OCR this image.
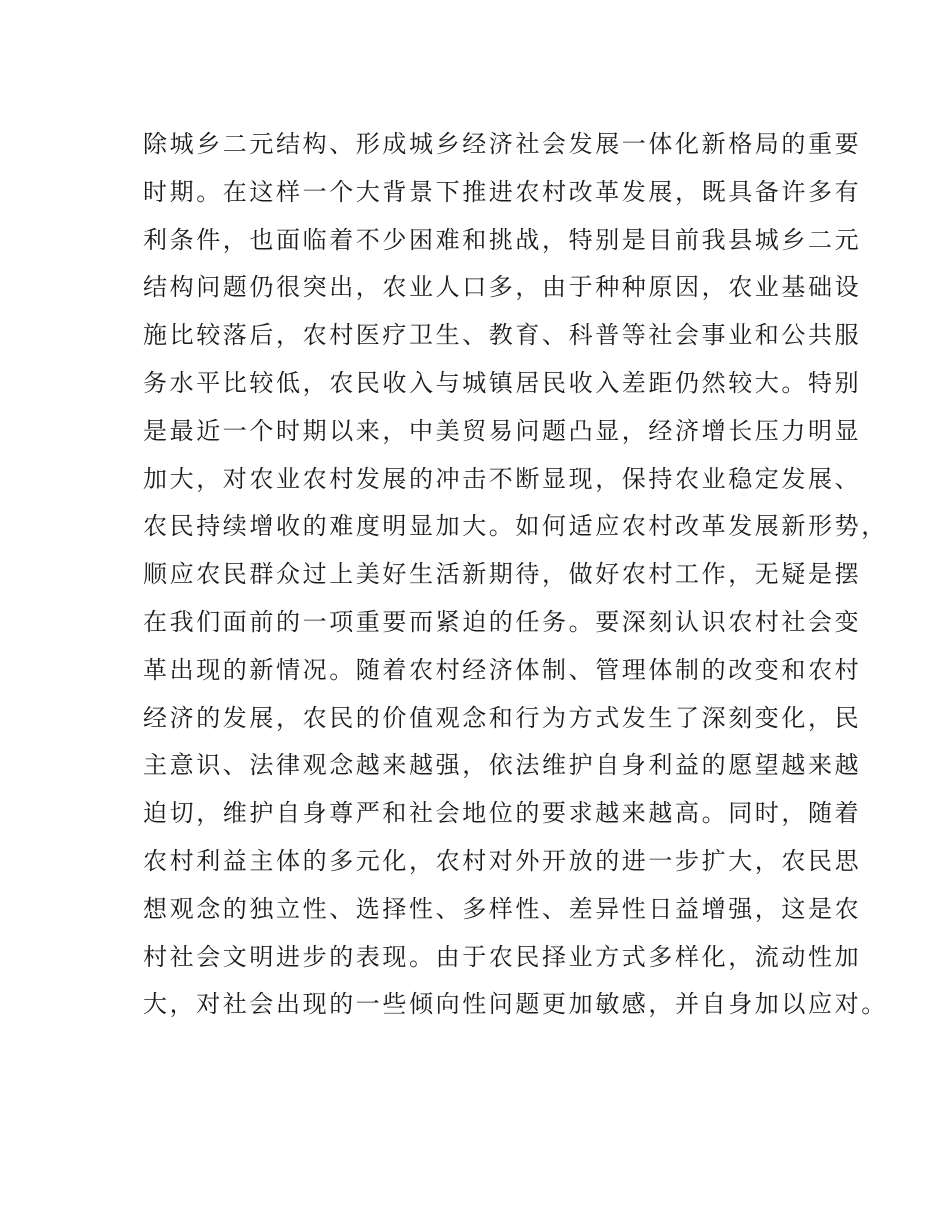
除城乡二元结构、形成城乡经济社会发展一体化新格局的重要
时期。在这样一个大背景下推进农村改革发展，既具备许多有
利条件，也面临着不少困难和挑战，特别是目前我县城乡二元
结构问题仍很突出，农业人口多，由于种种原因，农业基础设
施比较落后，农村医疗卫生、教育、科普等社会事业和公共服
务水平比较低，农民收入与城镇居民收入差距仍然较大。特别
是最近一个时期以来，中美贸易问题凸显，经济增长压力明显
加大，对农业农村发展的冲击不断显现，保持农业稳定发展、
农民持续增收的难度明显加大。如何适应农村改革发展新形势，
顺应农民群众过上美好生活新期待，做好农村工作，无疑是摆
在我们面前的一项重要而紧迫的任务。要深刻认识农村社会变
革出现的新情况。随着农村经济体制、管理体制的改变和农村
经济的发展，农民的价值观念和行为方式发生了深刻变化，民
主意识、法律观念越来越强，依法维护自身利益的愿望越来越
迫切，维护自身尊严和社会地位的要求越来越高。同时，随着
农村利益主体的多元化，农村对外开放的进一步扩大，农民思
想观念的独立性、选择性、多样性、差异性日益增强，这是农
村社会文明进步的表现。由于农民择业方式多样化，流动性加
大，对社会出现的一些倾向性问题更加敏感，并自身加以应对。
